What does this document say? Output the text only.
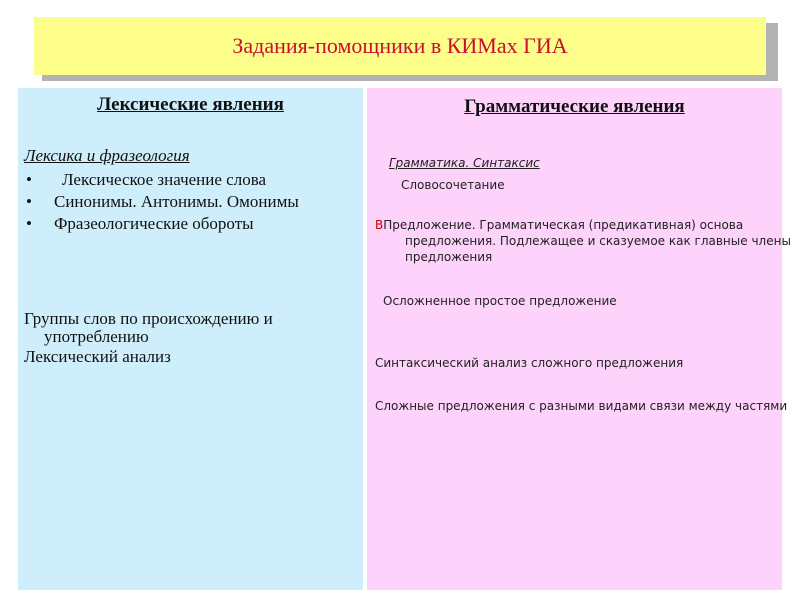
Задания-помощники в КИМах ГИА
Лексические явления
Лексика и фразеология
• Лексическое значение слова
• Синонимы. Антонимы. Омонимы
• Фразеологические обороты
Группы слов по происхождению и употреблению
Лексический анализ
Грамматические явления
Грамматика. Синтаксис
Словосочетание
ВПредложение. Грамматическая (предикативная) основа предложения. Подлежащее и сказуемое как главные члены предложения
Осложненное простое предложение
Синтаксический анализ сложного предложения
Сложные предложения с разными видами связи между частями
